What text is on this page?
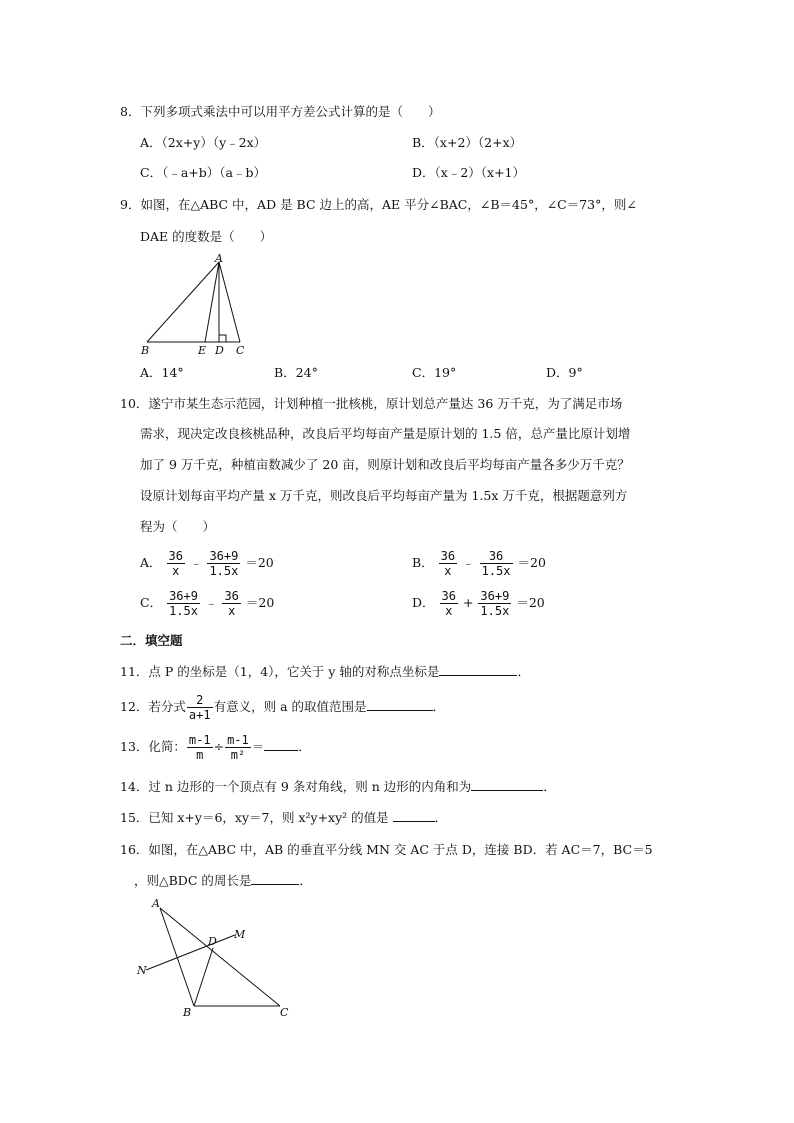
8．下列多项式乘法中可以用平方差公式计算的是（　　）
A．（2x+y）（y﹣2x）	B．（x+2）（2+x）
C．（﹣a+b）（a﹣b）	D．（x﹣2）（x+1）
9．如图，在△ABC 中，AD 是 BC 边上的高，AE 平分∠BAC，∠B＝45°，∠C＝73°，则∠
DAE 的度数是（　　）
A
B	E D C
A．14°	B．24°	C．19°	D．9°
10．遂宁市某生态示范园，计划种植一批核桃，原计划总产量达 36 万千克，为了满足市场
需求，现决定改良核桃品种，改良后平均每亩产量是原计划的 1.5 倍，总产量比原计划增
加了 9 万千克，种植亩数减少了 20 亩，则原计划和改良后平均每亩产量各多少万千克？
设原计划每亩平均产量 x 万千克，则改良后平均每亩产量为 1.5x 万千克，根据题意列方
程为（　　）
A． $\frac{36}{x}$ ﹣ $\frac{36+9}{1.5x} =20$	B． $\frac{36}{x}$ ﹣ $\frac{36}{1.5x} =20$
C． $\frac{36+9}{1.5x}$ ﹣ $\frac{36}{x} =20$	D． $\frac{36}{x} + \frac{36+9}{1.5x} =20$
二．填空题
11．点 P 的坐标是（1，4），它关于 y 轴的对称点坐标是	．
12．若分式 $\frac{2}{a+1}$ 有意义，则 a 的取值范围是	．
13．化简： $\frac{m-1}{m} \div \frac{m-1}{\text{m²}}$ ＝	．
14．过 n 边形的一个顶点有 9 条对角线，则 n 边形的内角和为	．
15．已知 x+y＝6，xy＝7，则 x²y+xy² 的值是	．
16．如图，在△ABC 中，AB 的垂直平分线 MN 交 AC 于点 D，连接 BD．若 AC＝7，BC＝5
，则△BDC 的周长是	．
A
D
M
N
B	C
